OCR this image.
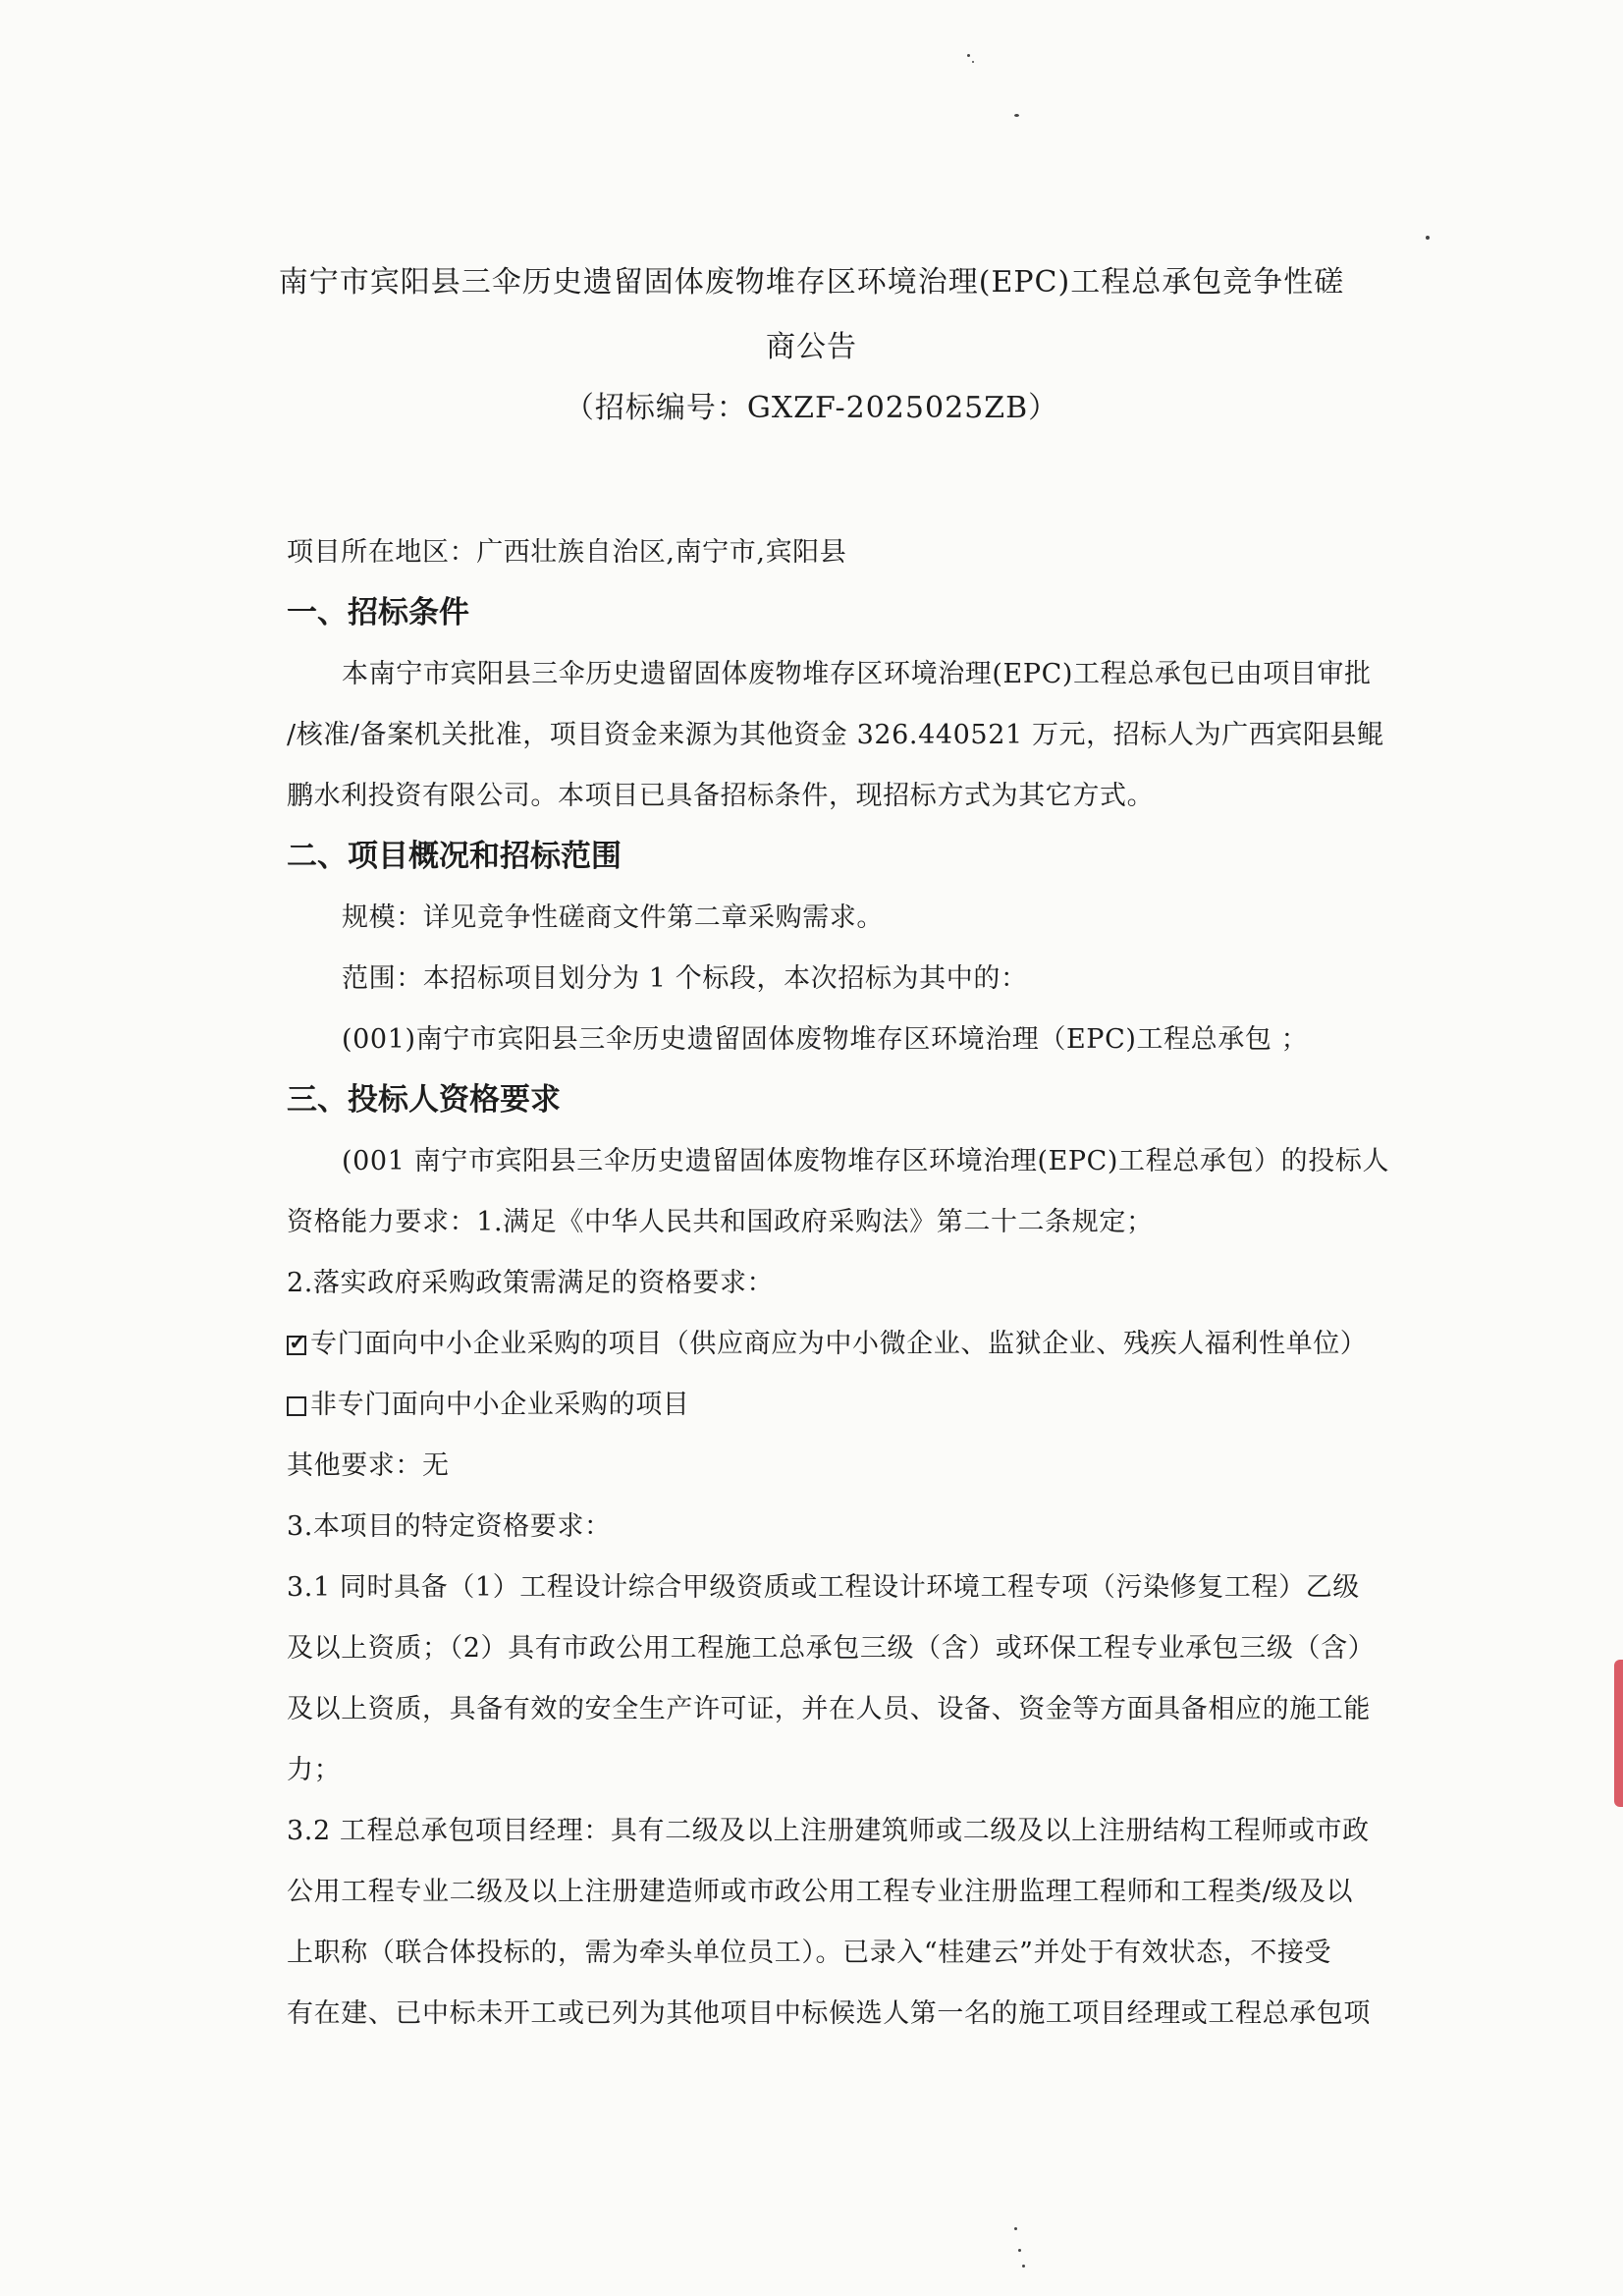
南宁市宾阳县三伞历史遗留固体废物堆存区环境治理(EPC)工程总承包竞争性磋
商公告
（招标编号：GXZF-2025025ZB）
项目所在地区：广西壮族自治区,南宁市,宾阳县
一、招标条件
本南宁市宾阳县三伞历史遗留固体废物堆存区环境治理(EPC)工程总承包已由项目审批
/核准/备案机关批准，项目资金来源为其他资金 326.440521 万元，招标人为广西宾阳县鲲
鹏水利投资有限公司。本项目已具备招标条件，现招标方式为其它方式。
二、项目概况和招标范围
规模：详见竞争性磋商文件第二章采购需求。
范围：本招标项目划分为 1 个标段，本次招标为其中的：
(001)南宁市宾阳县三伞历史遗留固体废物堆存区环境治理（EPC)工程总承包 ；
三、投标人资格要求
(001 南宁市宾阳县三伞历史遗留固体废物堆存区环境治理(EPC)工程总承包）的投标人
资格能力要求：1.满足《中华人民共和国政府采购法》第二十二条规定；
2.落实政府采购政策需满足的资格要求：
✓专门面向中小企业采购的项目（供应商应为中小微企业、监狱企业、残疾人福利性单位）
非专门面向中小企业采购的项目
其他要求：无
3.本项目的特定资格要求：
3.1 同时具备（1）工程设计综合甲级资质或工程设计环境工程专项（污染修复工程）乙级
及以上资质；（2）具有市政公用工程施工总承包三级（含）或环保工程专业承包三级（含）
及以上资质，具备有效的安全生产许可证，并在人员、设备、资金等方面具备相应的施工能
力；
3.2 工程总承包项目经理：具有二级及以上注册建筑师或二级及以上注册结构工程师或市政
公用工程专业二级及以上注册建造师或市政公用工程专业注册监理工程师和工程类/级及以
上职称（联合体投标的，需为牵头单位员工）。已录入“桂建云”并处于有效状态，不接受
有在建、已中标未开工或已列为其他项目中标候选人第一名的施工项目经理或工程总承包项
